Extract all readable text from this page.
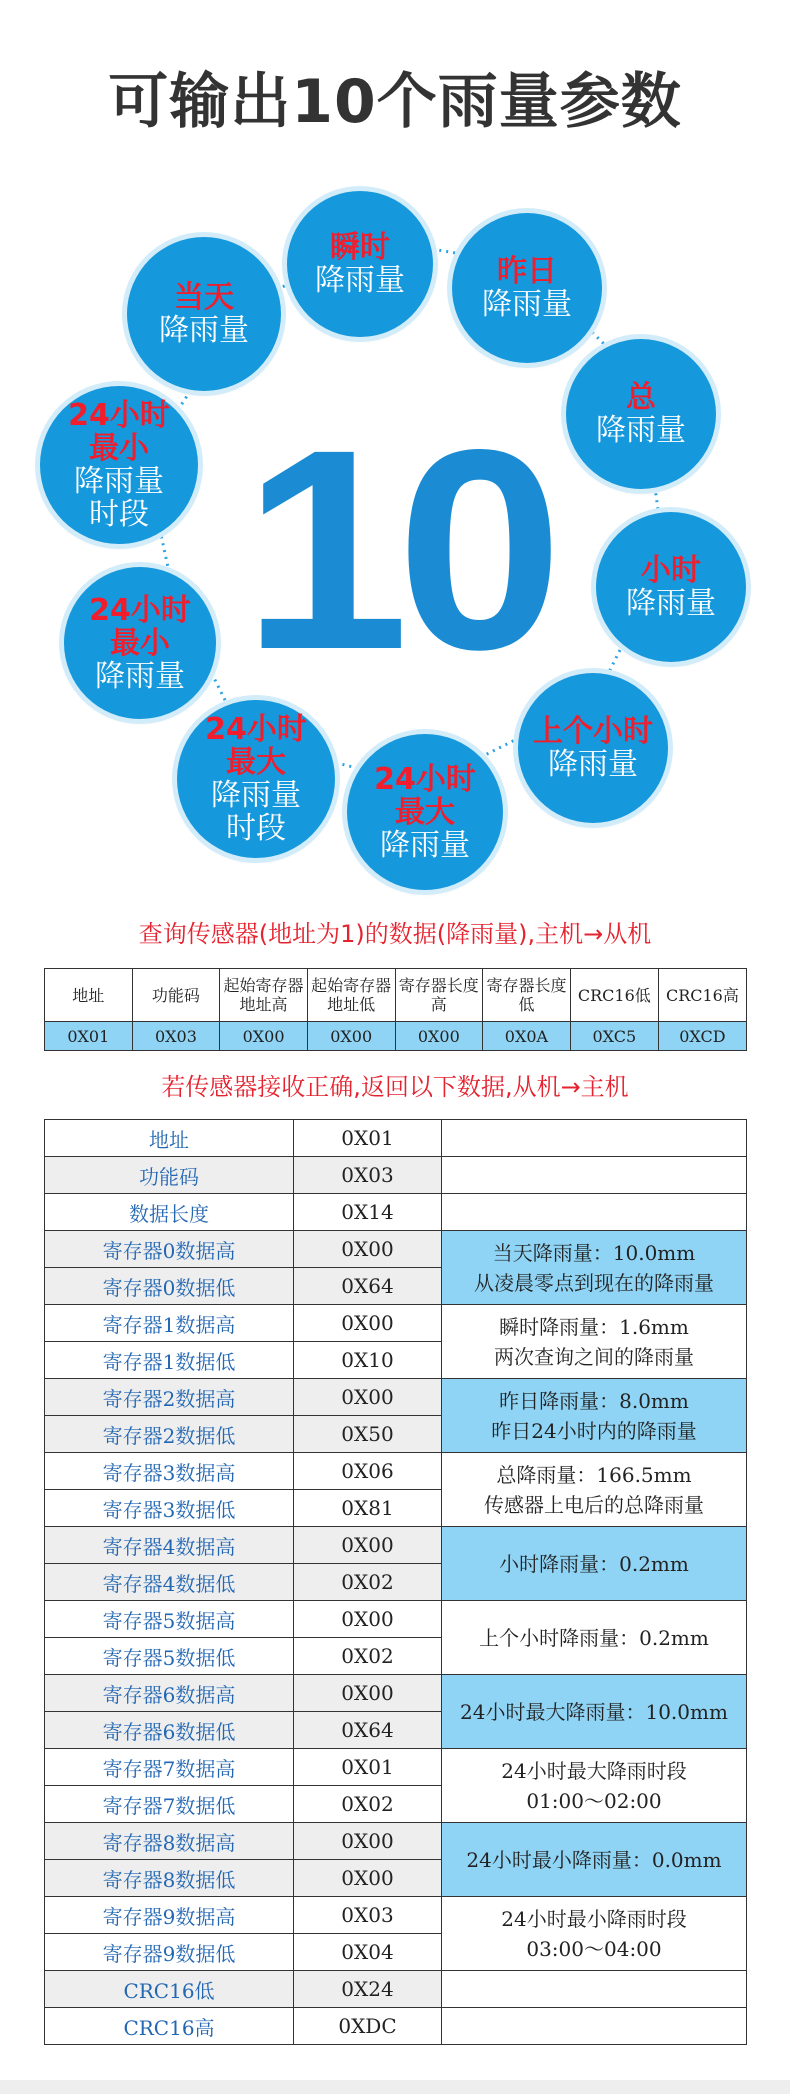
可输出10个雨量参数
10
瞬时
降雨量	昨日
降雨量
总
降雨量
小时
降雨量
上个小时
降雨量
24小时
最大
降雨量
24小时
最大
降雨量
时段
24小时
最小
降雨量
24小时
最小
降雨量
时段
当天
降雨量
查询传感器(地址为1)的数据(降雨量),主机→从机
地址	功能码	起始寄存器地址高	起始寄存器地址低	寄存器长度高	寄存器长度低	CRC16低	CRC16高
0X01	0X03	0X00	0X00	0X00	0X0A	0XC5	0XCD
若传感器接收正确,返回以下数据,从机→主机
地址	0X01	
功能码	0X03	
数据长度	0X14	
寄存器0数据高	0X00	当天降雨量：10.0mm
从凌晨零点到现在的降雨量

寄存器0数据低	0X64	
寄存器1数据高	0X00	瞬时降雨量：1.6mm
两次查询之间的降雨量

寄存器1数据低	0X10	
寄存器2数据高	0X00	昨日降雨量：8.0mm
昨日24小时内的降雨量

寄存器2数据低	0X50	
寄存器3数据高	0X06	总降雨量：166.5mm
传感器上电后的总降雨量

寄存器3数据低	0X81	
寄存器4数据高	0X00	小时降雨量：0.2mm

寄存器4数据低	0X02	
寄存器5数据高	0X00	上个小时降雨量：0.2mm

寄存器5数据低	0X02	
寄存器6数据高	0X00	24小时最大降雨量：10.0mm

寄存器6数据低	0X64	
寄存器7数据高	0X01	24小时最大降雨时段
01:00～02:00

寄存器7数据低	0X02	
寄存器8数据高	0X00	24小时最小降雨量：0.0mm

寄存器8数据低	0X00	
寄存器9数据高	0X03	24小时最小降雨时段
03:00～04:00

寄存器9数据低	0X04	
CRC16低	0X24	
CRC16高	0XDC	
